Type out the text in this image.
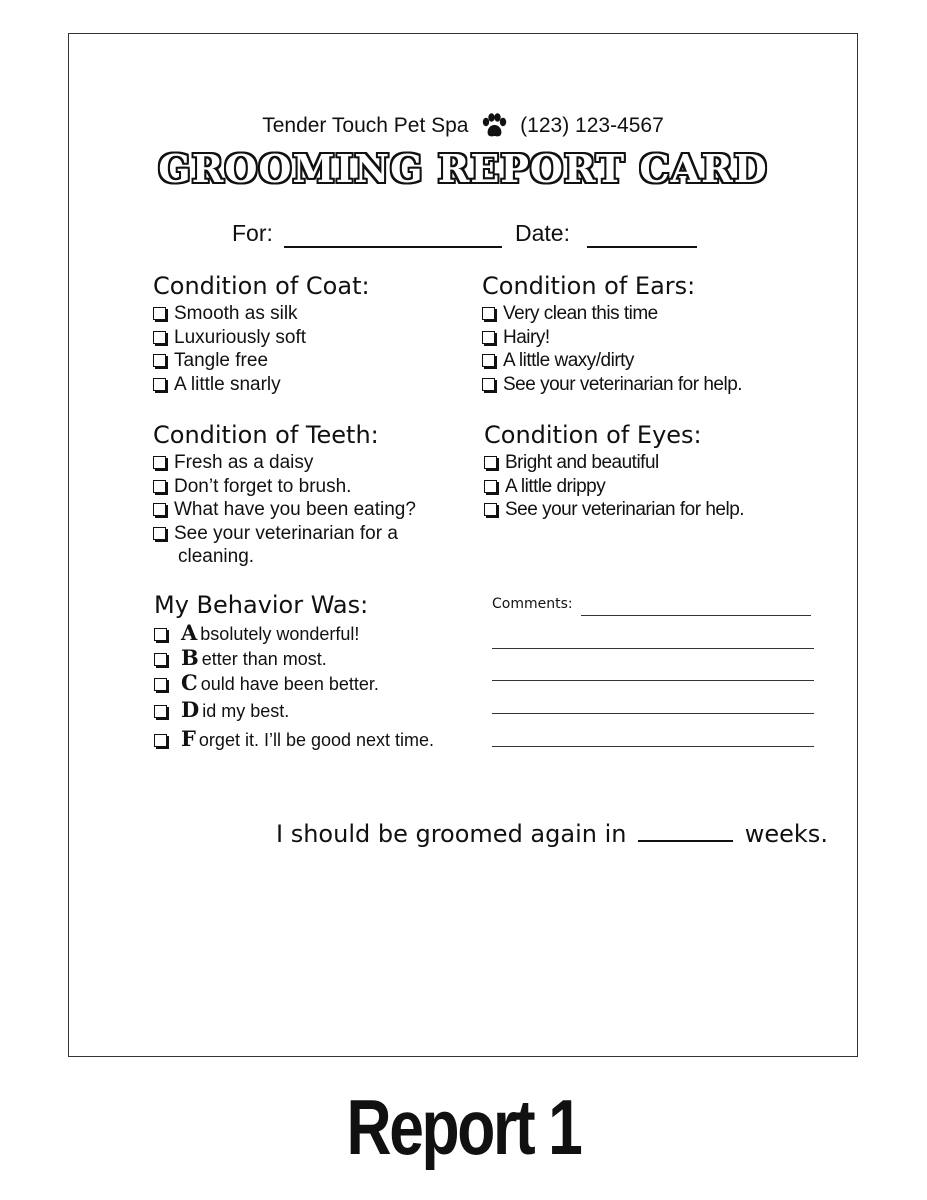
Tender Touch Pet Spa (123) 123-4567
GROOMING REPORT CARD
For:	Date:
Condition of Coat:
Smooth as silk
Luxuriously soft
Tangle free
A little snarly
Condition of Ears:
Very clean this time
Hairy!
A little waxy/dirty
See your veterinarian for help.
Condition of Teeth:
Fresh as a daisy
Don’t forget to brush.
What have you been eating?
See your veterinarian for a
cleaning.
Condition of Eyes:
Bright and beautiful
A little drippy
See your veterinarian for help.
My Behavior Was:
A bsolutely wonderful!
B etter than most.
C ould have been better.
D id my best.
F orget it. I’ll be good next time.
Comments:
I should be groomed again in	weeks.
Report 1
